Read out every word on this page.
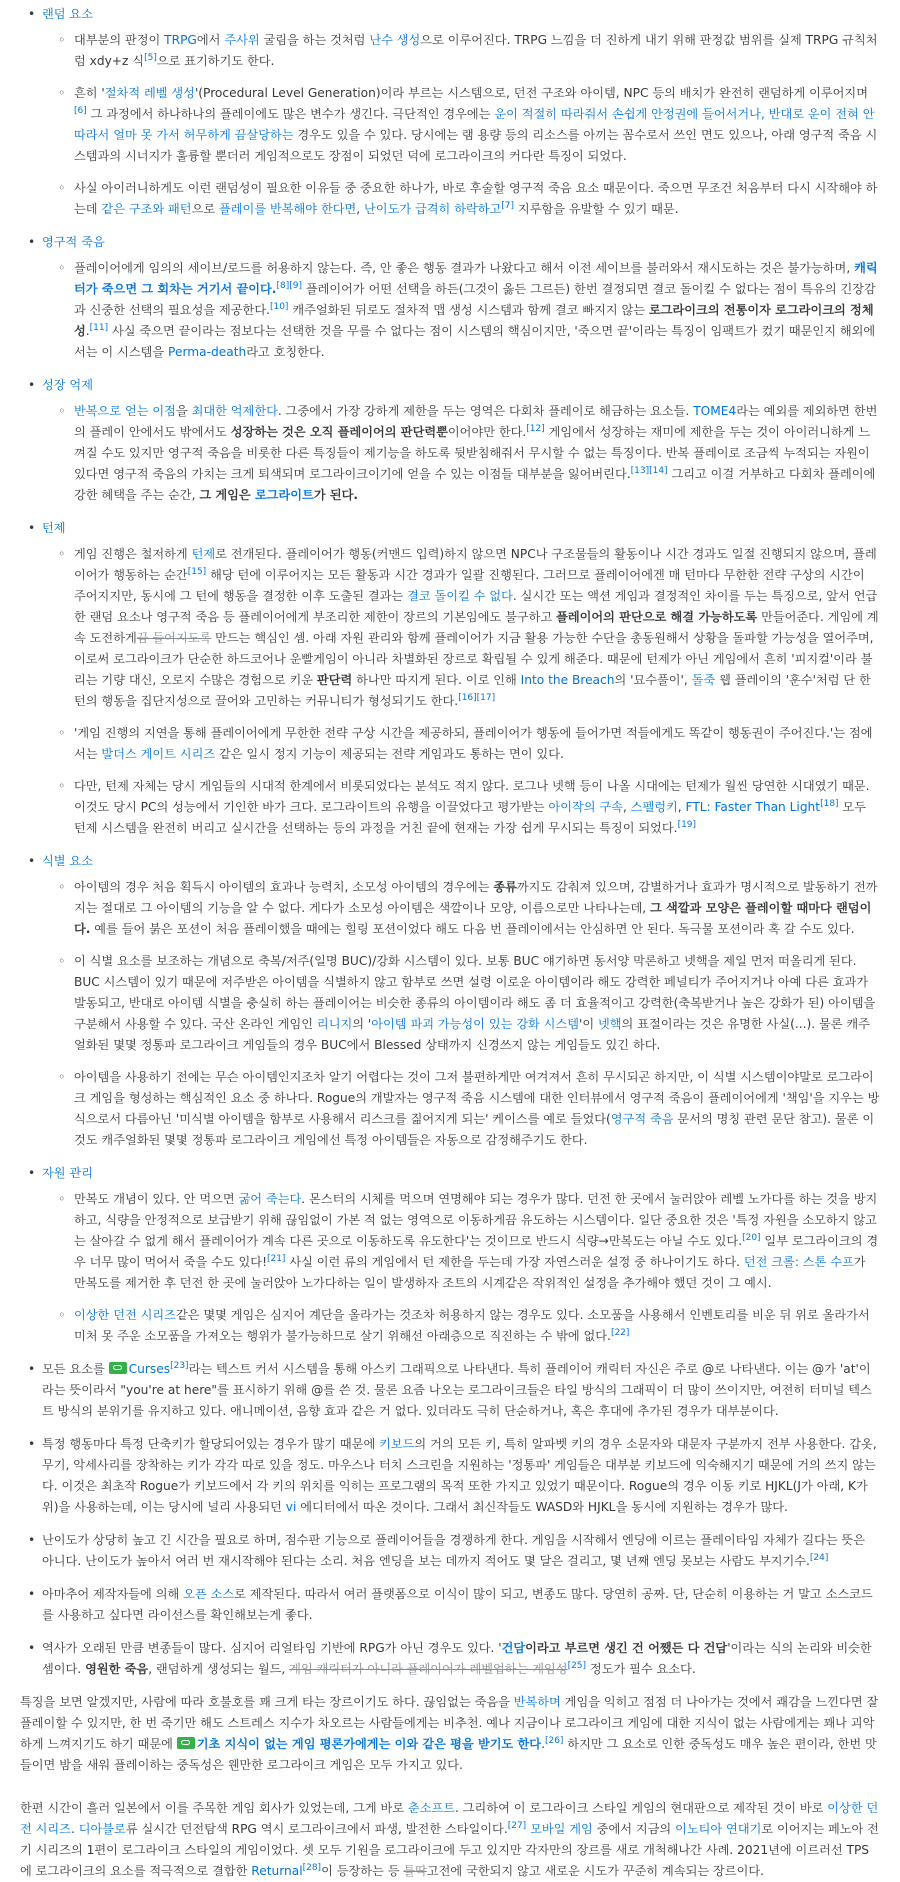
• 랜덤 요소
◦ 대부분의 판정이 TRPG에서 주사위 굴림을 하는 것처럼 난수 생성으로 이루어진다. TRPG 느낌을 더 진하게 내기 위해 판정값 범위를 실제 TRPG 규칙처럼 xdy+z 식[5]으로 표기하기도 한다.
◦ 흔히 '절차적 레벨 생성'(Procedural Level Generation)이라 부르는 시스템으로, 던전 구조와 아이템, NPC 등의 배치가 완전히 랜덤하게 이루어지며[6] 그 과정에서 하나하나의 플레이에도 많은 변수가 생긴다. 극단적인 경우에는 운이 적절히 따라줘서 손쉽게 안정권에 들어서거나, 반대로 운이 전혀 안 따라서 얼마 못 가서 허무하게 끔살당하는 경우도 있을 수 있다. 당시에는 램 용량 등의 리소스를 아끼는 꼼수로서 쓰인 면도 있으나, 아래 영구적 죽음 시스템과의 시너지가 훌륭할 뿐더러 게임적으로도 장점이 되었던 덕에 로그라이크의 커다란 특징이 되었다.
◦ 사실 아이러니하게도 이런 랜덤성이 필요한 이유들 중 중요한 하나가, 바로 후술할 영구적 죽음 요소 때문이다. 죽으면 무조건 처음부터 다시 시작해야 하는데 같은 구조와 패턴으로 플레이를 반복해야 한다면, 난이도가 급격히 하락하고[7] 지루함을 유발할 수 있기 때문.
• 영구적 죽음
◦ 플레이어에게 임의의 세이브/로드를 허용하지 않는다. 즉, 안 좋은 행동 결과가 나왔다고 해서 이전 세이브를 불러와서 재시도하는 것은 불가능하며, 캐릭터가 죽으면 그 회차는 거기서 끝이다.[8][9] 플레이어가 어떤 선택을 하든(그것이 옳든 그르든) 한번 결정되면 결코 돌이킬 수 없다는 점이 특유의 긴장감과 신중한 선택의 필요성을 제공한다.[10] 캐주얼화된 뒤로도 절차적 맵 생성 시스템과 함께 결코 빠지지 않는 로그라이크의 전통이자 로그라이크의 정체성.[11] 사실 죽으면 끝이라는 점보다는 선택한 것을 무를 수 없다는 점이 시스템의 핵심이지만, '죽으면 끝'이라는 특징이 임팩트가 컸기 때문인지 해외에서는 이 시스템을 Perma-death라고 호칭한다.
• 성장 억제
◦ 반복으로 얻는 이점을 최대한 억제한다. 그중에서 가장 강하게 제한을 두는 영역은 다회차 플레이로 해금하는 요소들. TOME4라는 예외를 제외하면 한번의 플레이 안에서도 밖에서도 성장하는 것은 오직 플레이어의 판단력뿐이어야만 한다.[12] 게임에서 성장하는 재미에 제한을 두는 것이 아이러니하게 느껴질 수도 있지만 영구적 죽음을 비롯한 다른 특징들이 제기능을 하도록 뒷받침해줘서 무시할 수 없는 특징이다. 반복 플레이로 조금씩 누적되는 자원이 있다면 영구적 죽음의 가치는 크게 퇴색되며 로그라이크이기에 얻을 수 있는 이점들 대부분을 잃어버린다.[13][14] 그리고 이걸 거부하고 다회차 플레이에 강한 혜택을 주는 순간, 그 게임은 로그라이트가 된다.
• 턴제
◦ 게임 진행은 철저하게 턴제로 전개된다. 플레이어가 행동(커맨드 입력)하지 않으면 NPC나 구조물들의 활동이나 시간 경과도 일절 진행되지 않으며, 플레이어가 행동하는 순간[15] 해당 턴에 이루어지는 모든 활동과 시간 경과가 일괄 진행된다. 그러므로 플레이어에겐 매 턴마다 무한한 전략 구상의 시간이 주어지지만, 동시에 그 턴에 행동을 결정한 이후 도출된 결과는 결코 돌이킬 수 없다. 실시간 또는 액션 게임과 결정적인 차이를 두는 특징으로, 앞서 언급한 랜덤 요소나 영구적 죽음 등 플레이어에게 부조리한 제한이 장르의 기본임에도 불구하고 플레이어의 판단으로 해결 가능하도록 만들어준다. 게임에 계속 도전하게끔 들어지도록 만드는 핵심인 셈. 아래 자원 관리와 함께 플레이어가 지금 활용 가능한 수단을 총동원해서 상황을 돌파할 가능성을 열어주며, 이로써 로그라이크가 단순한 하드코어나 운빨게임이 아니라 차별화된 장르로 확립될 수 있게 해준다. 때문에 턴제가 아닌 게임에서 흔히 '피지컬'이라 불리는 기량 대신, 오로지 수많은 경험으로 키운 판단력 하나만 따지게 된다. 이로 인해 Into the Breach의 '묘수풀이', 돌죽 웹 플레이의 '훈수'처럼 단 한턴의 행동을 집단지성으로 끌어와 고민하는 커뮤니티가 형성되기도 한다.[16][17]
◦ '게임 진행의 지연을 통해 플레이어에게 무한한 전략 구상 시간을 제공하되, 플레이어가 행동에 들어가면 적들에게도 똑같이 행동권이 주어진다.'는 점에서는 발더스 게이트 시리즈 같은 일시 정지 기능이 제공되는 전략 게임과도 통하는 면이 있다.
◦ 다만, 턴제 자체는 당시 게임들의 시대적 한계에서 비롯되었다는 분석도 적지 않다. 로그나 넷핵 등이 나올 시대에는 턴제가 월씬 당연한 시대였기 때문. 이것도 당시 PC의 성능에서 기인한 바가 크다. 로그라이트의 유행을 이끌었다고 평가받는 아이작의 구속, 스펠렁키, FTL: Faster Than Light[18] 모두 턴제 시스템을 완전히 버리고 실시간을 선택하는 등의 과정을 거친 끝에 현재는 가장 쉽게 무시되는 특징이 되었다.[19]
• 식별 요소
◦ 아이템의 경우 처음 획득시 아이템의 효과나 능력치, 소모성 아이템의 경우에는 종류까지도 감춰져 있으며, 감별하거나 효과가 명시적으로 발동하기 전까지는 절대로 그 아이템의 기능을 알 수 없다. 게다가 소모성 아이템은 색깔이나 모양, 이름으로만 나타나는데, 그 색깔과 모양은 플레이할 때마다 랜덤이다. 예를 들어 붉은 포션이 처음 플레이했을 때에는 힐링 포션이었다 해도 다음 번 플레이에서는 안심하면 안 된다. 독극물 포션이라 혹 갈 수도 있다.
◦ 이 식별 요소를 보조하는 개념으로 축복/저주(일명 BUC)/강화 시스템이 있다. 보통 BUC 얘기하면 동서양 막론하고 넷핵을 제일 먼저 떠올리게 된다. BUC 시스템이 있기 때문에 저주받은 아이템을 식별하지 않고 함부로 쓰면 설령 이로운 아이템이라 해도 강력한 페널티가 주어지거나 아예 다른 효과가 발동되고, 반대로 아이템 식별을 충실히 하는 플레이어는 비슷한 종류의 아이템이라 해도 좀 더 효율적이고 강력한(축복받거나 높은 강화가 된) 아이템을 구분해서 사용할 수 있다. 국산 온라인 게임인 리니지의 '아이템 파괴 가능성이 있는 강화 시스템'이 넷핵의 표절이라는 것은 유명한 사실(...). 물론 캐주얼화된 몇몇 정통파 로그라이크 게임들의 경우 BUC에서 Blessed 상태까지 신경쓰지 않는 게임들도 있긴 하다.
◦ 아이템을 사용하기 전에는 무슨 아이템인지조차 알기 어렵다는 것이 그저 불편하게만 여겨져서 흔히 무시되곤 하지만, 이 식별 시스템이야말로 로그라이크 게임을 형성하는 핵심적인 요소 중 하나다. Rogue의 개발자는 영구적 죽음 시스템에 대한 인터뷰에서 영구적 죽음이 플레이어에게 '책임'을 지우는 방식으로서 다름아닌 '미식별 아이템을 함부로 사용해서 리스크를 짊어지게 되는' 케이스를 예로 들었다(영구적 죽음 문서의 명칭 관련 문단 참고). 물론 이것도 캐주얼화된 몇몇 정통파 로그라이크 게임에선 특정 아이템들은 자동으로 감정해주기도 한다.
• 자원 관리
◦ 만복도 개념이 있다. 안 먹으면 굶어 죽는다. 몬스터의 시체를 먹으며 연명해야 되는 경우가 많다. 던전 한 곳에서 눌러앉아 레벨 노가다를 하는 것을 방지하고, 식량을 안정적으로 보급받기 위해 끊임없이 가본 적 없는 영역으로 이동하게끔 유도하는 시스템이다. 일단 중요한 것은 '특정 자원을 소모하지 않고는 살아갈 수 없게 해서 플레이어가 계속 다른 곳으로 이동하도록 유도한다'는 것이므로 반드시 식량→만복도는 아닐 수도 있다.[20] 일부 로그라이크의 경우 너무 많이 먹어서 죽을 수도 있다![21] 사실 이런 류의 게임에서 턴 제한을 두는데 가장 자연스러운 설정 중 하나이기도 하다. 던전 크롤: 스톤 수프가 만복도를 제거한 후 던전 한 곳에 눌러앉아 노가다하는 일이 발생하자 조트의 시계같은 작위적인 설정을 추가해야 했던 것이 그 예시.
◦ 이상한 던전 시리즈같은 몇몇 게임은 심지어 계단을 올라가는 것조차 허용하지 않는 경우도 있다. 소모품을 사용해서 인벤토리를 비운 뒤 위로 올라가서 미처 못 주운 소모품을 가져오는 행위가 불가능하므로 살기 위해선 아래층으로 직진하는 수 밖에 없다.[22]
• 모든 요소를 Curses[23]라는 텍스트 커서 시스템을 통해 아스키 그래픽으로 나타낸다. 특히 플레이어 캐릭터 자신은 주로 @로 나타낸다. 이는 @가 'at'이라는 뜻이라서 "you're at here"를 표시하기 위해 @를 쓴 것. 물론 요즘 나오는 로그라이크들은 타일 방식의 그래픽이 더 많이 쓰이지만, 여전히 터미널 텍스트 방식의 분위기를 유지하고 있다. 애니메이션, 음향 효과 같은 거 없다. 있더라도 극히 단순하거나, 혹은 후대에 추가된 경우가 대부분이다.
• 특정 행동마다 특정 단축키가 할당되어있는 경우가 많기 때문에 키보드의 거의 모든 키, 특히 알파벳 키의 경우 소문자와 대문자 구분까지 전부 사용한다. 갑옷, 무기, 악세사리를 장착하는 키가 각각 따로 있을 정도. 마우스나 터치 스크린을 지원하는 '정통파' 게임들은 대부분 키보드에 익숙해지기 때문에 거의 쓰지 않는다. 이것은 최초작 Rogue가 키보드에서 각 키의 위치를 익히는 프로그램의 목적 또한 가지고 있었기 때문이다. Rogue의 경우 이동 키로 HJKL(J가 아래, K가 위)을 사용하는데, 이는 당시에 널리 사용되던 vi 에디터에서 따온 것이다. 그래서 최신작들도 WASD와 HJKL을 동시에 지원하는 경우가 많다.
• 난이도가 상당히 높고 긴 시간을 필요로 하며, 점수판 기능으로 플레이어들을 경쟁하게 한다. 게임을 시작해서 엔딩에 이르는 플레이타임 자체가 길다는 뜻은 아니다. 난이도가 높아서 여러 번 재시작해야 된다는 소리. 처음 엔딩을 보는 데까지 적어도 몇 달은 걸리고, 몇 년째 엔딩 못보는 사람도 부지기수.[24]
• 아마추어 제작자들에 의해 오픈 소스로 제작된다. 따라서 여러 플랫폼으로 이식이 많이 되고, 변종도 많다. 당연히 공짜. 단, 단순히 이용하는 거 말고 소스코드를 사용하고 싶다면 라이선스를 확인해보는게 좋다.
• 역사가 오래된 만큼 변종들이 많다. 심지어 리얼타임 기반에 RPG가 아닌 경우도 있다. '건담이라고 부르면 생긴 건 어쨌든 다 건담'이라는 식의 논리와 비슷한 셈이다. 영원한 죽음, 랜덤하게 생성되는 월드, 게임 캐릭터가 아니라 플레이어가 레벨업하는 게임성[25] 정도가 필수 요소다.

특징을 보면 알겠지만, 사람에 따라 호불호를 꽤 크게 타는 장르이기도 하다. 끊임없는 죽음을 반복하며 게임을 익히고 점점 더 나아가는 것에서 쾌감을 느낀다면 잘 플레이할 수 있지만, 한 번 죽기만 해도 스트레스 지수가 차오르는 사람들에게는 비추천. 예나 지금이나 로그라이크 게임에 대한 지식이 없는 사람에게는 꽤나 괴악하게 느껴지기도 하기 때문에 기초 지식이 없는 게임 평론가에게는 이와 같은 평을 받기도 한다.[26] 하지만 그 요소로 인한 중독성도 매우 높은 편이라, 한번 맛들이면 밤을 새워 플레이하는 중독성은 웬만한 로그라이크 게임은 모두 가지고 있다.

한편 시간이 흘러 일본에서 이를 주목한 게임 회사가 있었는데, 그게 바로 춘소프트. 그리하여 이 로그라이크 스타일 게임의 현대판으로 제작된 것이 바로 이상한 던전 시리즈. 디아블로류 실시간 던전탐색 RPG 역시 로그라이크에서 파생, 발전한 스타일이다.[27] 모바일 게임 중에서 지금의 이노티아 연대기로 이어지는 페노아 전기 시리즈의 1편이 로그라이크 스타일의 게임이었다. 셋 모두 기원을 로그라이크에 두고 있지만 각자만의 장르를 새로 개척해나간 사례. 2021년에 이르러선 TPS에 로그라이크의 요소를 적극적으로 결합한 Returnal[28]이 등장하는 등 틀딱고전에 국한되지 않고 새로운 시도가 꾸준히 계속되는 장르이다.
